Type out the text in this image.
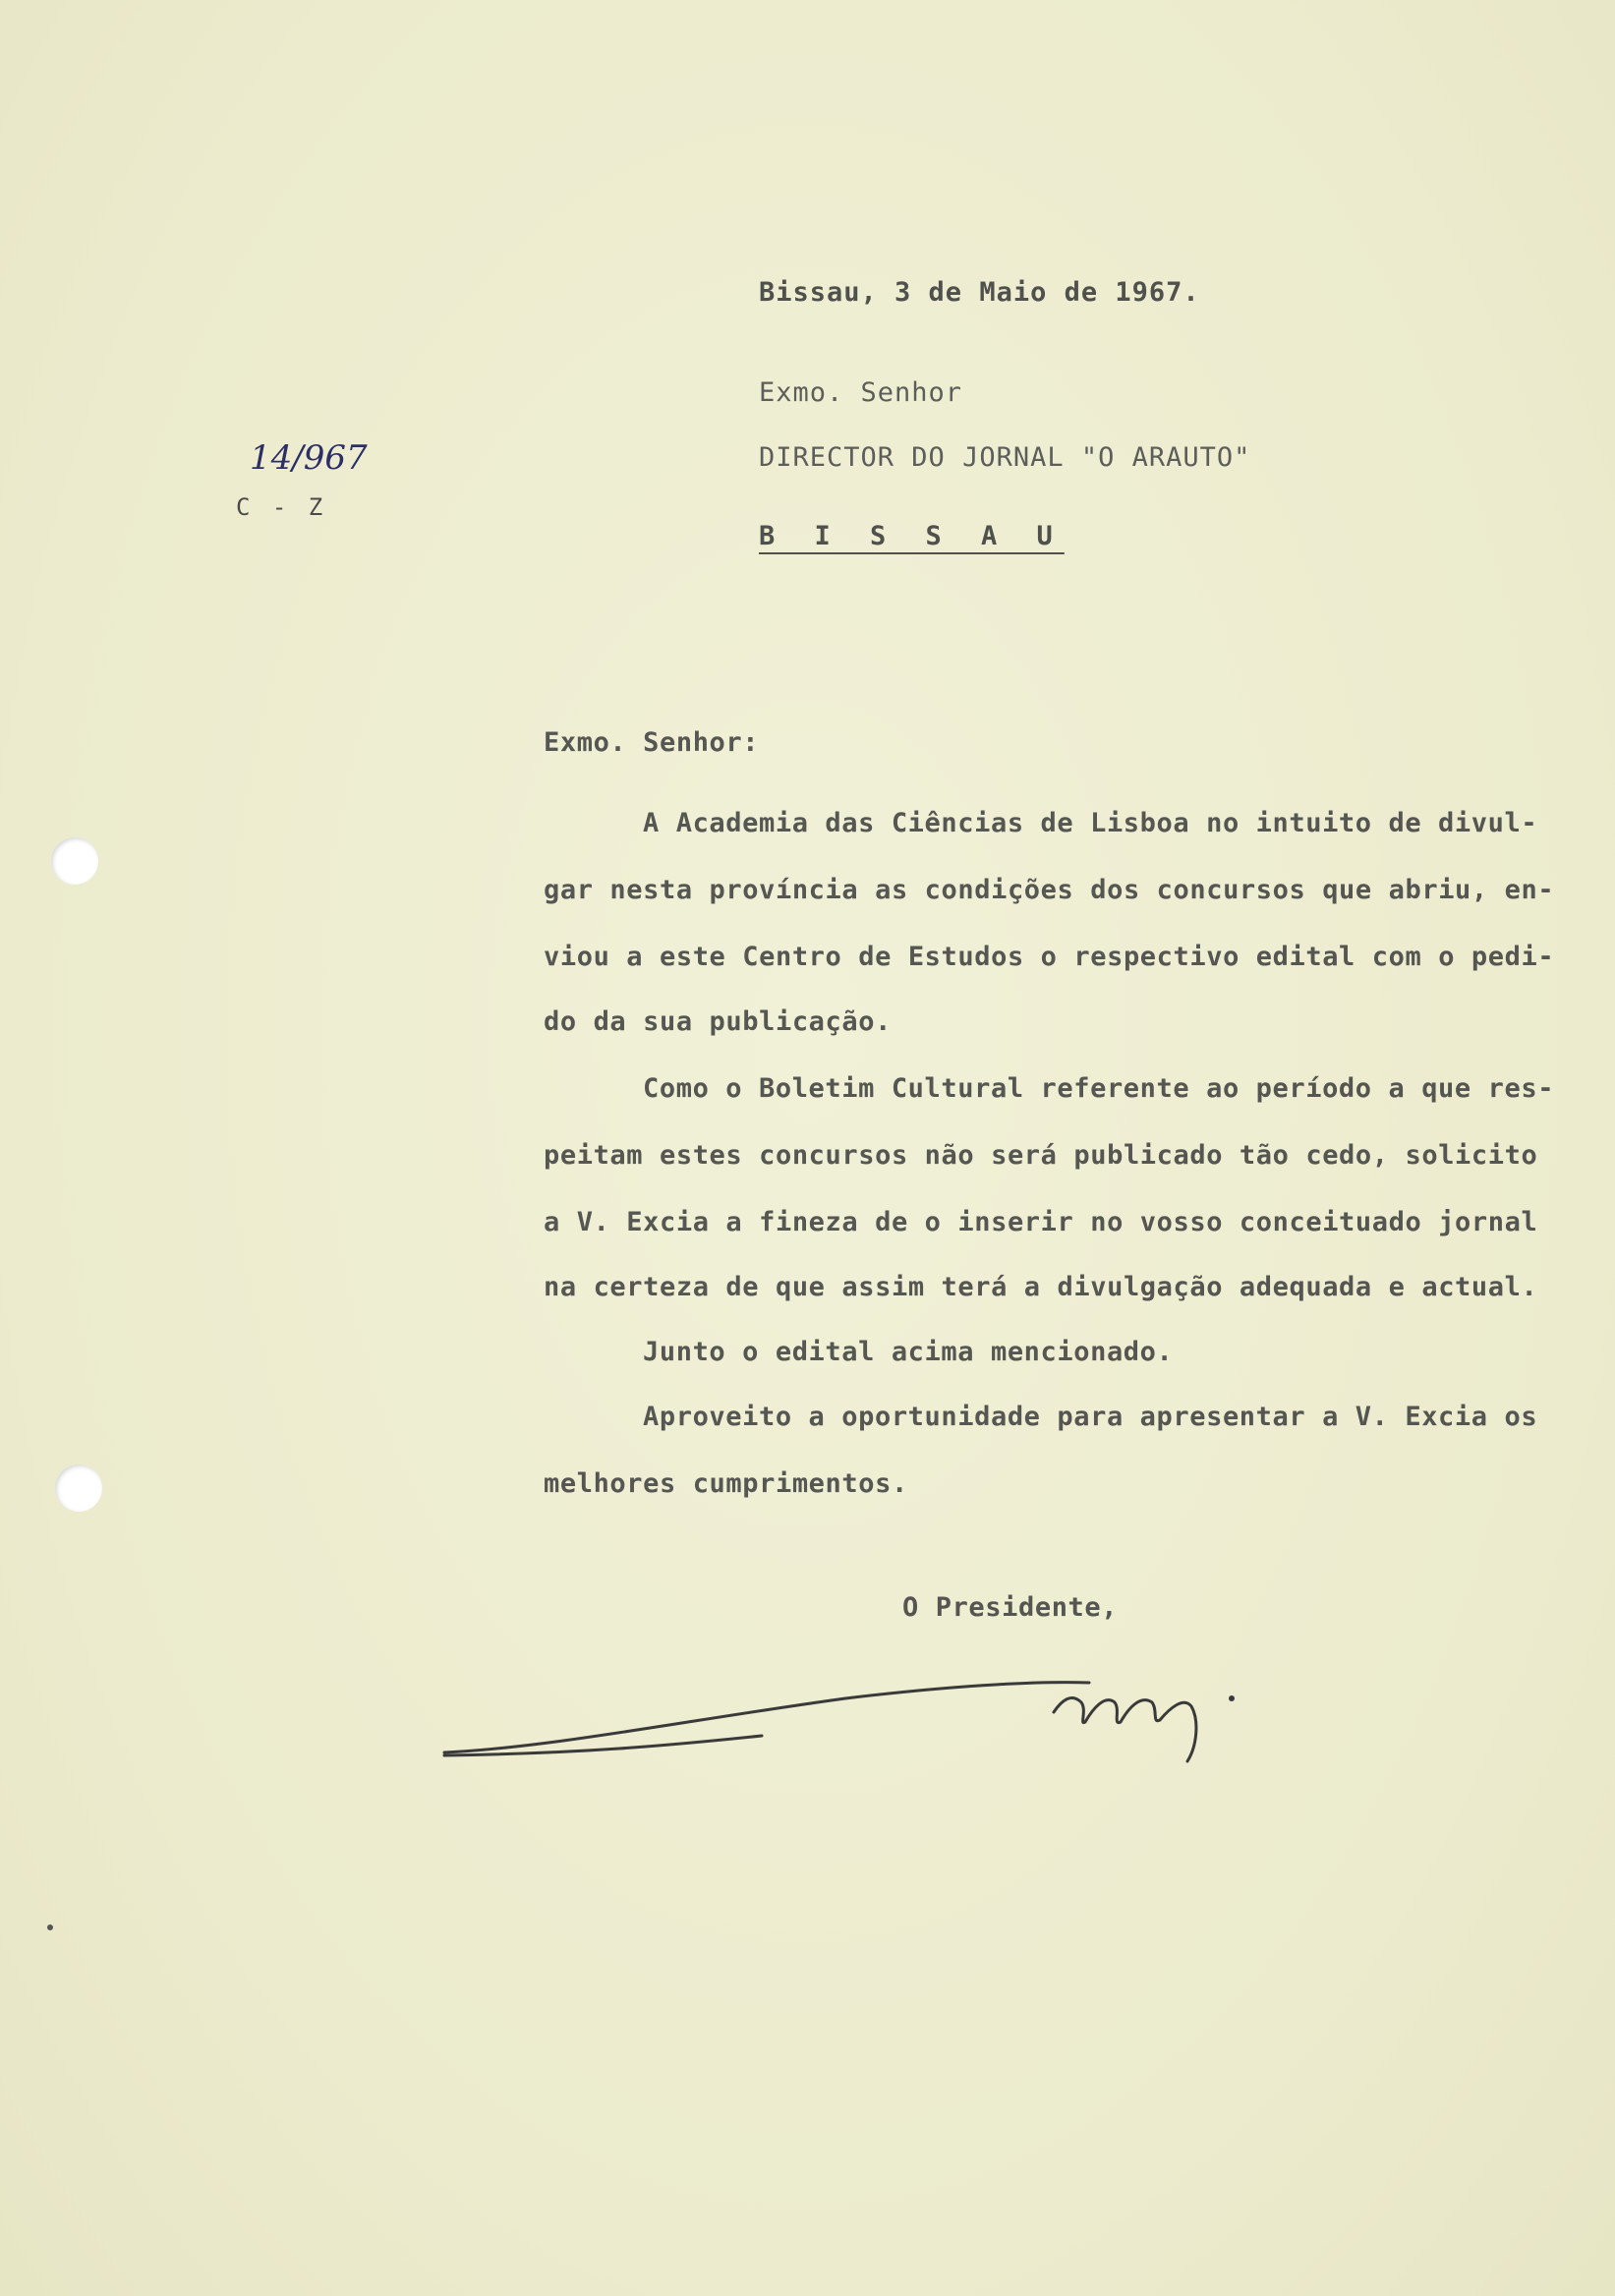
Bissau, 3 de Maio de 1967.
Exmo. Senhor
DIRECTOR DO JORNAL "O ARAUTO"
B I S S A U
14/967
C - Z
Exmo. Senhor:
A Academia das Ciências de Lisboa no intuito de divul-
gar nesta província as condições dos concursos que abriu, en-
viou a este Centro de Estudos o respectivo edital com o pedi-
do da sua publicação.
Como o Boletim Cultural referente ao período a que res-
peitam estes concursos não será publicado tão cedo, solicito
a V. Excia a fineza de o inserir no vosso conceituado jornal
na certeza de que assim terá a divulgação adequada e actual.
Junto o edital acima mencionado.
Aproveito a oportunidade para apresentar a V. Excia os
melhores cumprimentos.
O Presidente,
